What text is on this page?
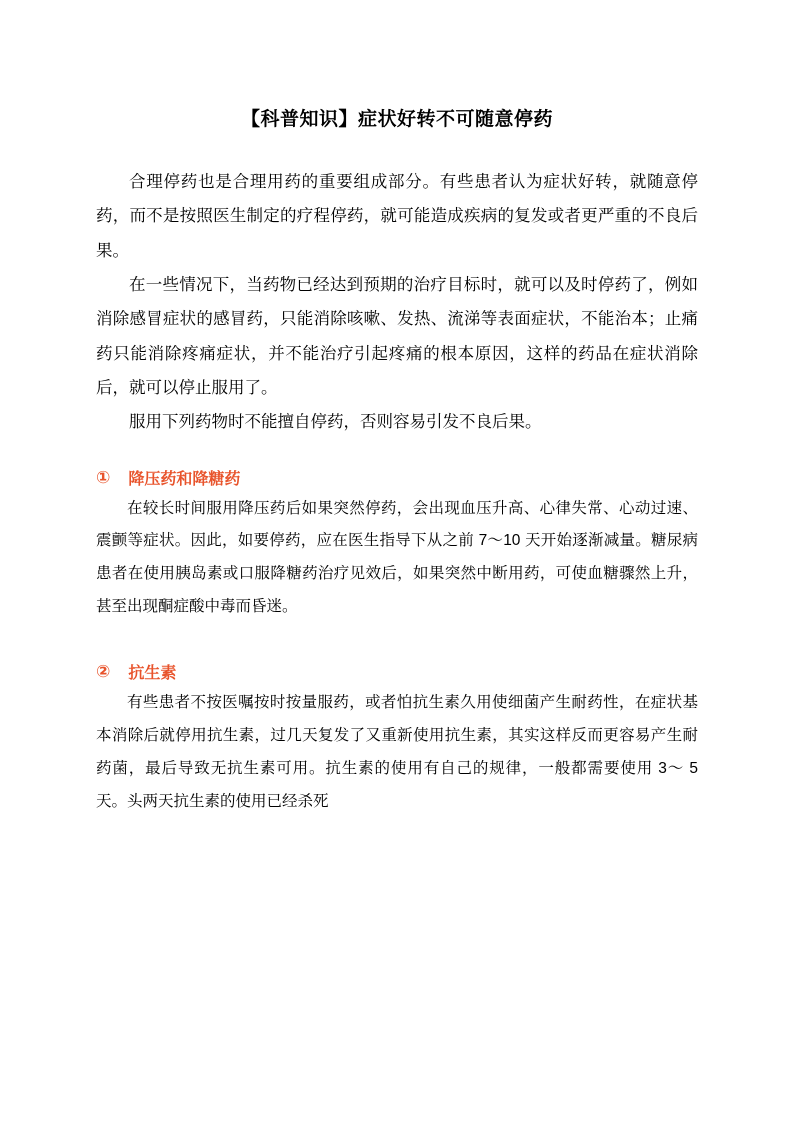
【科普知识】症状好转不可随意停药

合理停药也是合理用药的重要组成部分。有些患者认为症状好转，就随意停药，而不是按照医生制定的疗程停药，就可能造成疾病的复发或者更严重的不良后果。

在一些情况下，当药物已经达到预期的治疗目标时，就可以及时停药了，例如消除感冒症状的感冒药，只能消除咳嗽、发热、流涕等表面症状，不能治本；止痛药只能消除疼痛症状，并不能治疗引起疼痛的根本原因，这样的药品在症状消除后，就可以停止服用了。

服用下列药物时不能擅自停药，否则容易引发不良后果。

① 降压药和降糖药

在较长时间服用降压药后如果突然停药，会出现血压升高、心律失常、心动过速、震颤等症状。因此，如要停药，应在医生指导下从之前 7～10 天开始逐渐减量。糖尿病患者在使用胰岛素或口服降糖药治疗见效后，如果突然中断用药，可使血糖骤然上升，甚至出现酮症酸中毒而昏迷。

② 抗生素

有些患者不按医嘱按时按量服药，或者怕抗生素久用使细菌产生耐药性，在症状基本消除后就停用抗生素，过几天复发了又重新使用抗生素，其实这样反而更容易产生耐药菌，最后导致无抗生素可用。抗生素的使用有自己的规律，一般都需要使用 3～ 5 天。头两天抗生素的使用已经杀死
